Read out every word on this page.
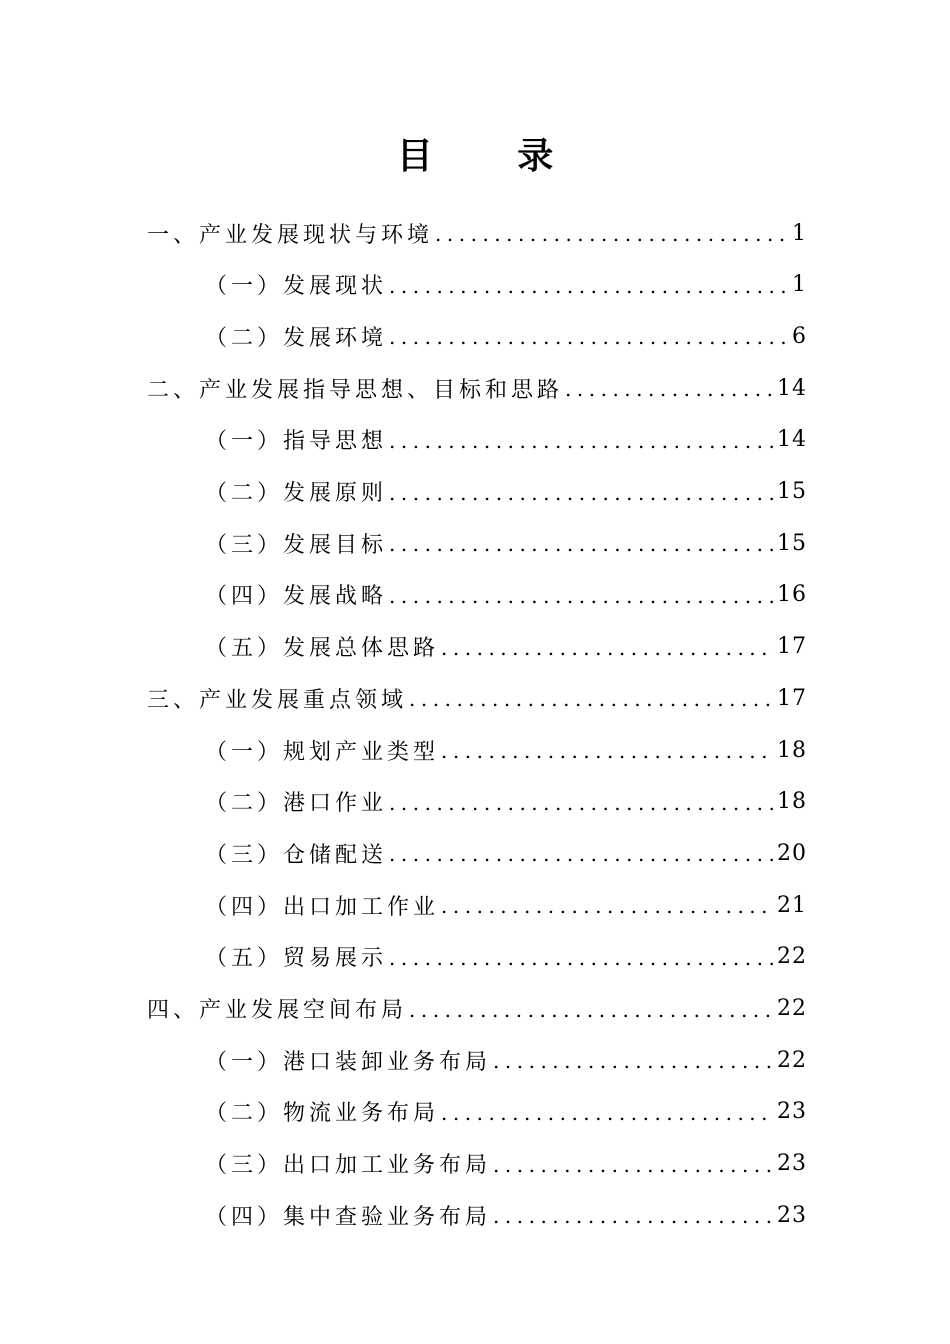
目 录
一、产业发展现状与环境 .....	1
（一）发展现状 .....	1
（二）发展环境 .....	6
二、产业发展指导思想、目标和思路 .....	14
（一）指导思想 .....	14
（二）发展原则 .....	15
（三）发展目标 .....	15
（四）发展战略 .....	16
（五）发展总体思路 .....	17
三、产业发展重点领域 .....	17
（一）规划产业类型 .....	18
（二）港口作业 .....	18
（三）仓储配送 .....	20
（四）出口加工作业 .....	21
（五）贸易展示 .....	22
四、产业发展空间布局 .....	22
（一）港口装卸业务布局 .....	22
（二）物流业务布局 .....	23
（三）出口加工业务布局 .....	23
（四）集中查验业务布局 .....	23
